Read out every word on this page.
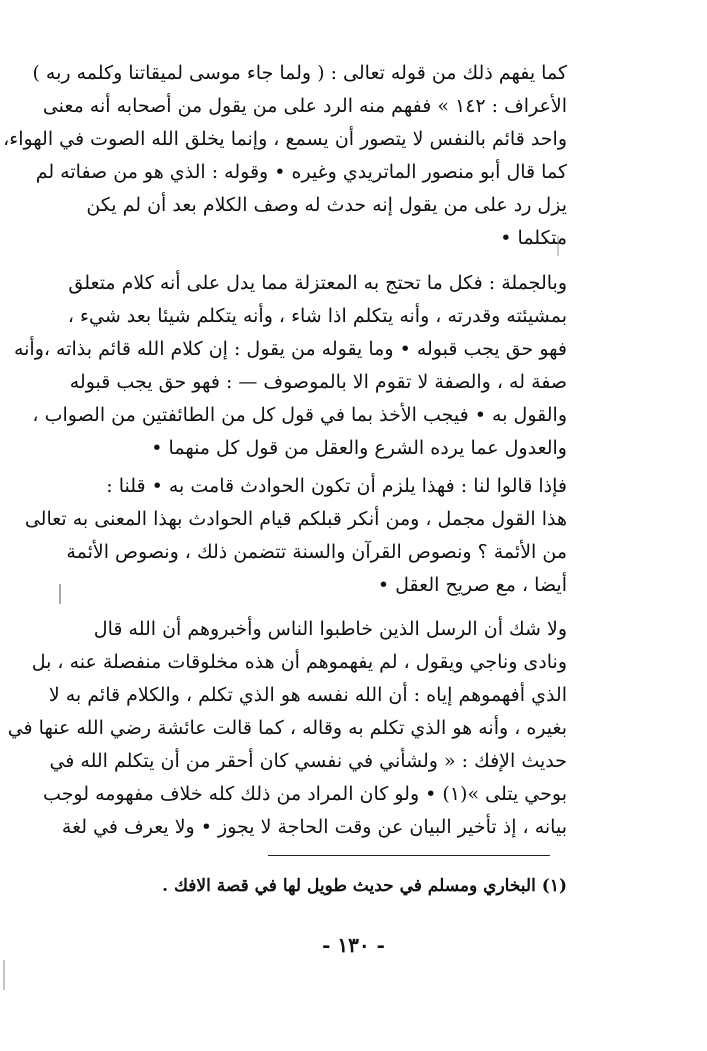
كما يفهم ذلك من قوله تعالى : ( ولما جاء موسى لميقاتنا وكلمه ربه )
الأعراف : ١٤٢ » ففهم منه الرد على من يقول من أصحابه أنه معنى
واحد قائم بالنفس لا يتصور أن يسمع ، وإنما يخلق الله الصوت في الهواء،
كما قال أبو منصور الماتريدي وغيره • وقوله : الذي هو من صفاته لم
يزل رد على من يقول إنه حدث له وصف الكلام بعد أن لم يكن
متكلما •
وبالجملة : فكل ما تحتج به المعتزلة مما يدل على أنه كلام متعلق
بمشيئته وقدرته ، وأنه يتكلم اذا شاء ، وأنه يتكلم شيئا بعد شيء ،
فهو حق يجب قبوله • وما يقوله من يقول : إن كلام الله قائم بذاته ،وأنه
صفة له ، والصفة لا تقوم الا بالموصوف — : فهو حق يجب قبوله
والقول به • فيجب الأخذ بما في قول كل من الطائفتين من الصواب ،
والعدول عما يرده الشرع والعقل من قول كل منهما •
فإذا قالوا لنا : فهذا يلزم أن تكون الحوادث قامت به • قلنا :
هذا القول مجمل ، ومن أنكر قبلكم قيام الحوادث بهذا المعنى به تعالى
من الأئمة ؟ ونصوص القرآن والسنة تتضمن ذلك ، ونصوص الأئمة
أيضا ، مع صريح العقل •
ولا شك أن الرسل الذين خاطبوا الناس وأخبروهم أن الله قال
ونادى وناجي ويقول ، لم يفهموهم أن هذه مخلوقات منفصلة عنه ، بل
الذي أفهموهم إياه : أن الله نفسه هو الذي تكلم ، والكلام قائم به لا
بغيره ، وأنه هو الذي تكلم به وقاله ، كما قالت عائشة رضي الله عنها في
حديث الإفك : « ولشأني في نفسي كان أحقر من أن يتكلم الله في
بوحي يتلى »(١) • ولو كان المراد من ذلك كله خلاف مفهومه لوجب
بيانه ، إذ تأخير البيان عن وقت الحاجة لا يجوز • ولا يعرف في لغة
(١) البخاري ومسلم في حديث طويل لها في قصة الافك .
- ١٣٠ -
